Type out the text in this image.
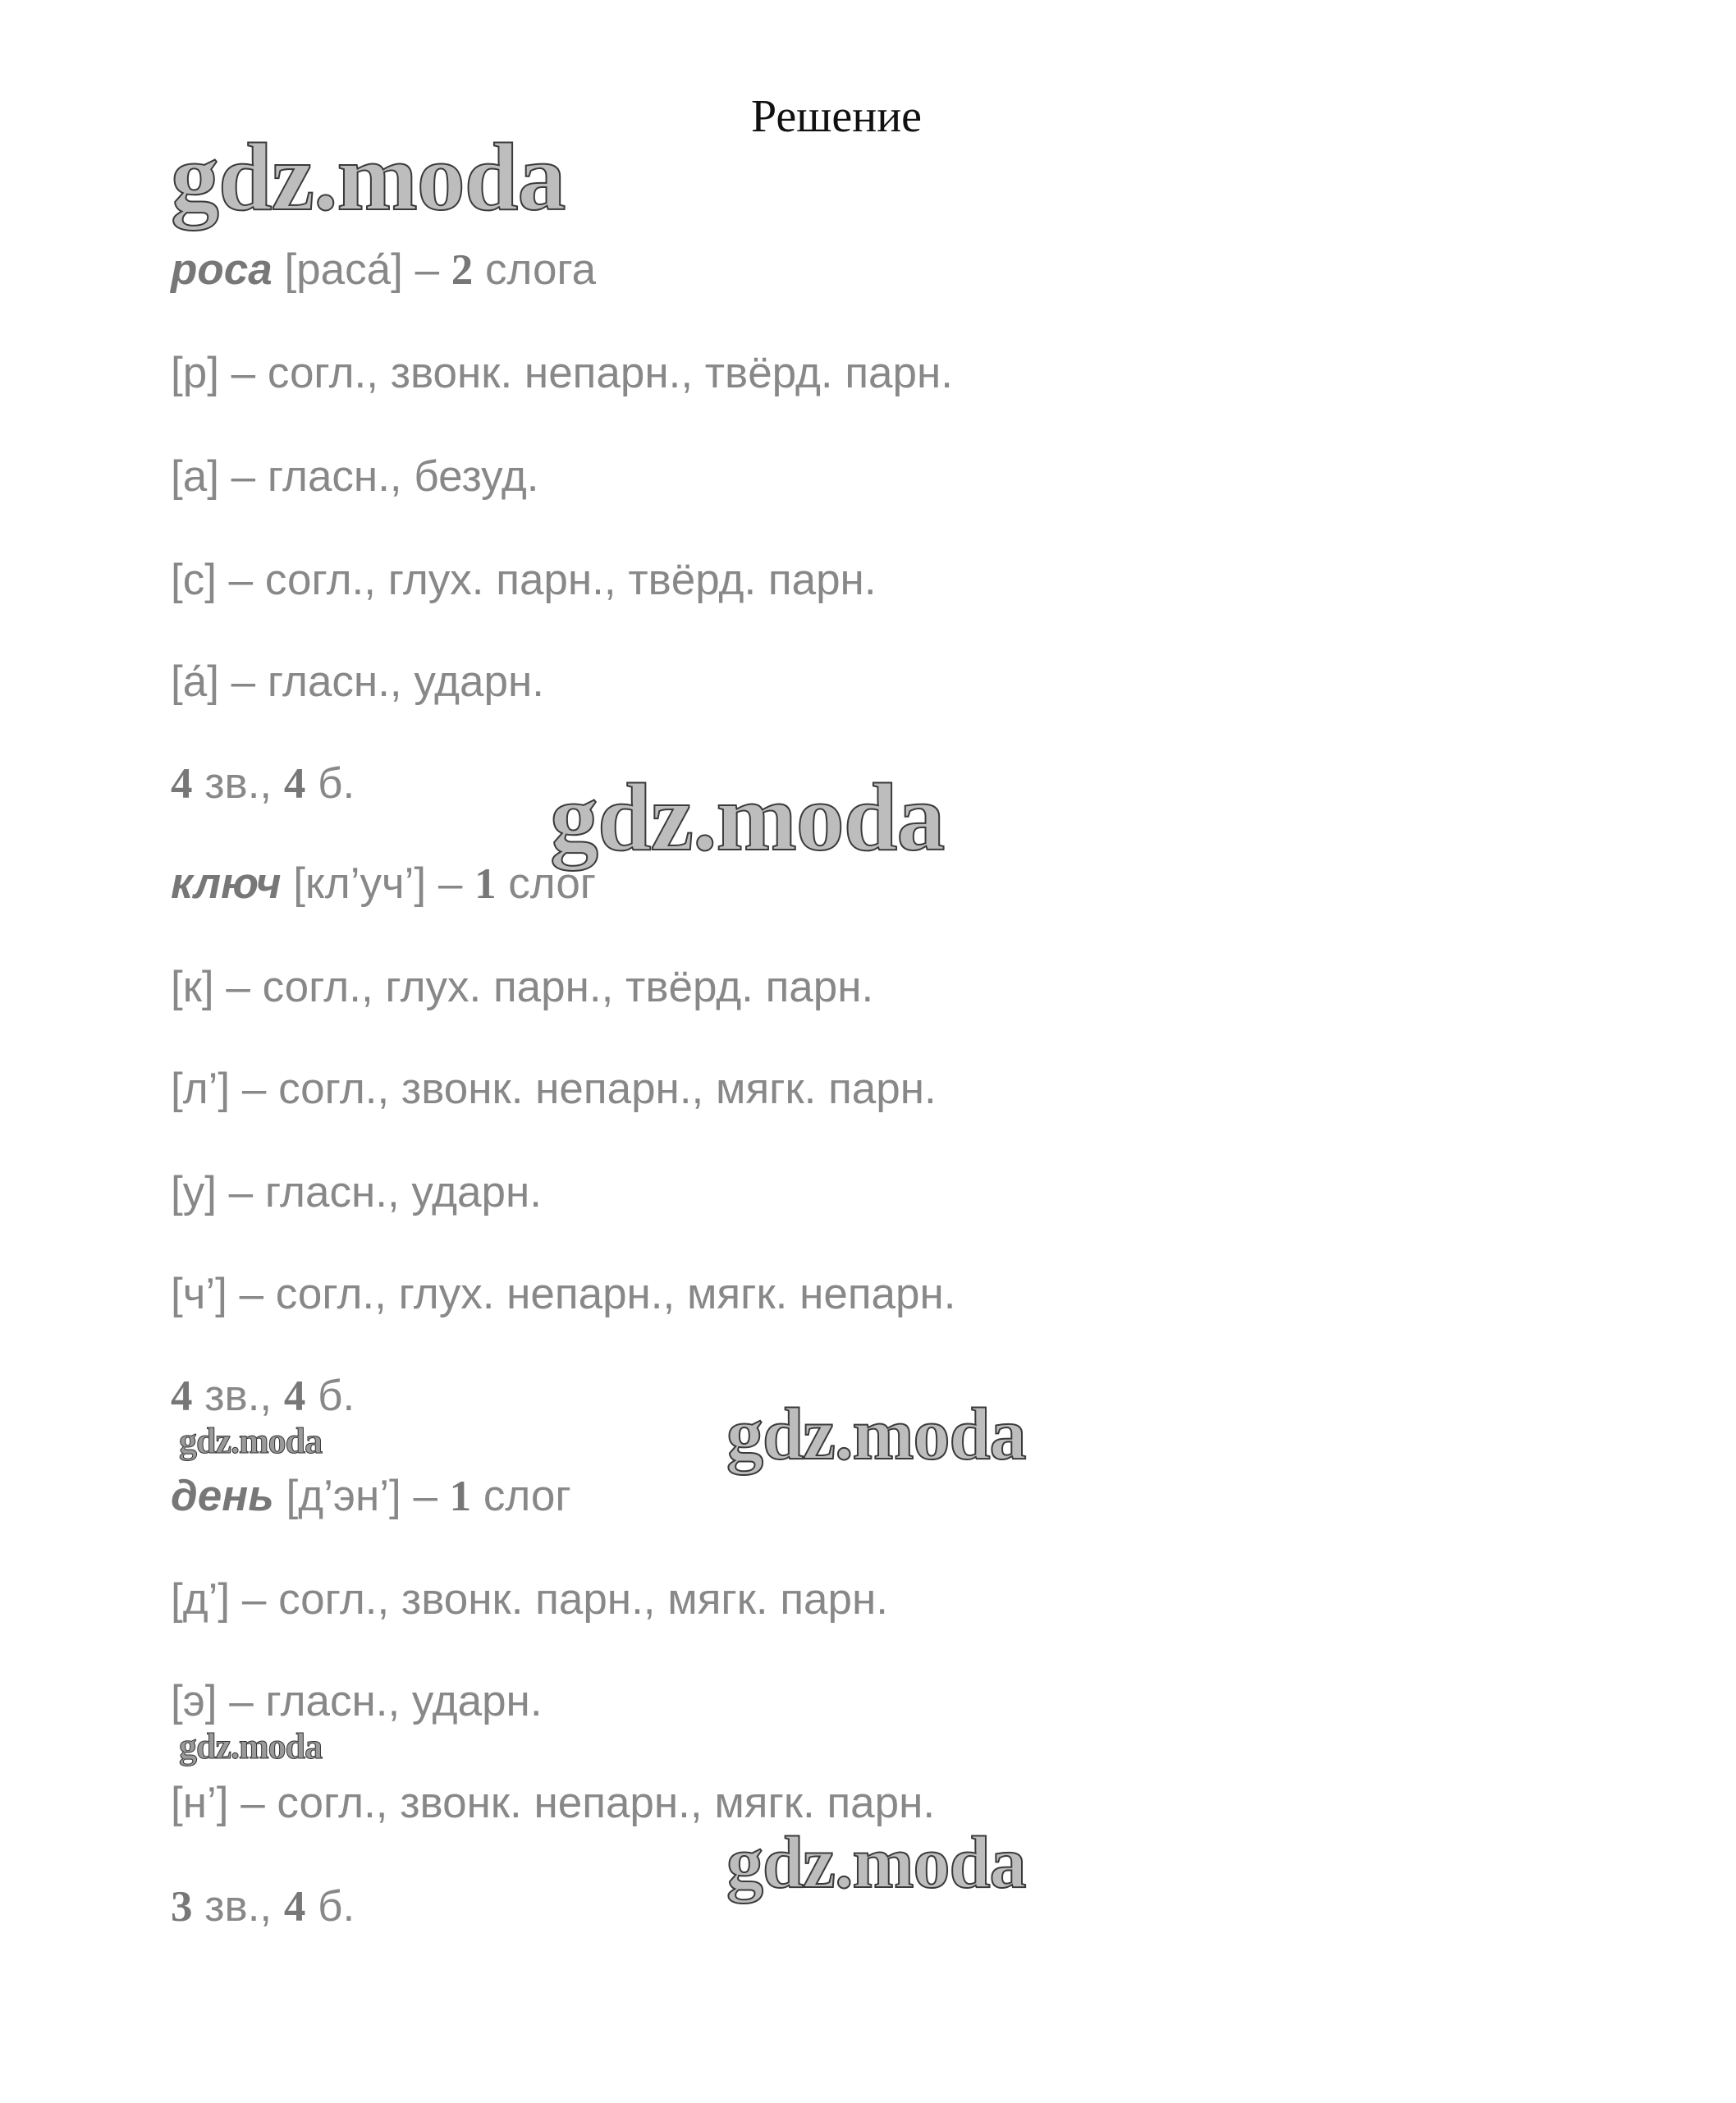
Решение
роса [раса́] – 2 слога
[р] – согл., звонк. непарн., твёрд. парн.
[а] – гласн., безуд.
[с] – согл., глух. парн., твёрд. парн.
[а́] – гласн., ударн.
4 зв., 4 б.
ключ [кл’уч’] – 1 слог
[к] – согл., глух. парн., твёрд. парн.
[л’] – согл., звонк. непарн., мягк. парн.
[у] – гласн., ударн.
[ч’] – согл., глух. непарн., мягк. непарн.
4 зв., 4 б.
день [д’эн’] – 1 слог
[д’] – согл., звонк. парн., мягк. парн.
[э] – гласн., ударн.
[н’] – согл., звонк. непарн., мягк. парн.
3 зв., 4 б.
gdz.moda
gdz.moda
gdz.moda	gdz.moda
gdz.moda
gdz.moda
